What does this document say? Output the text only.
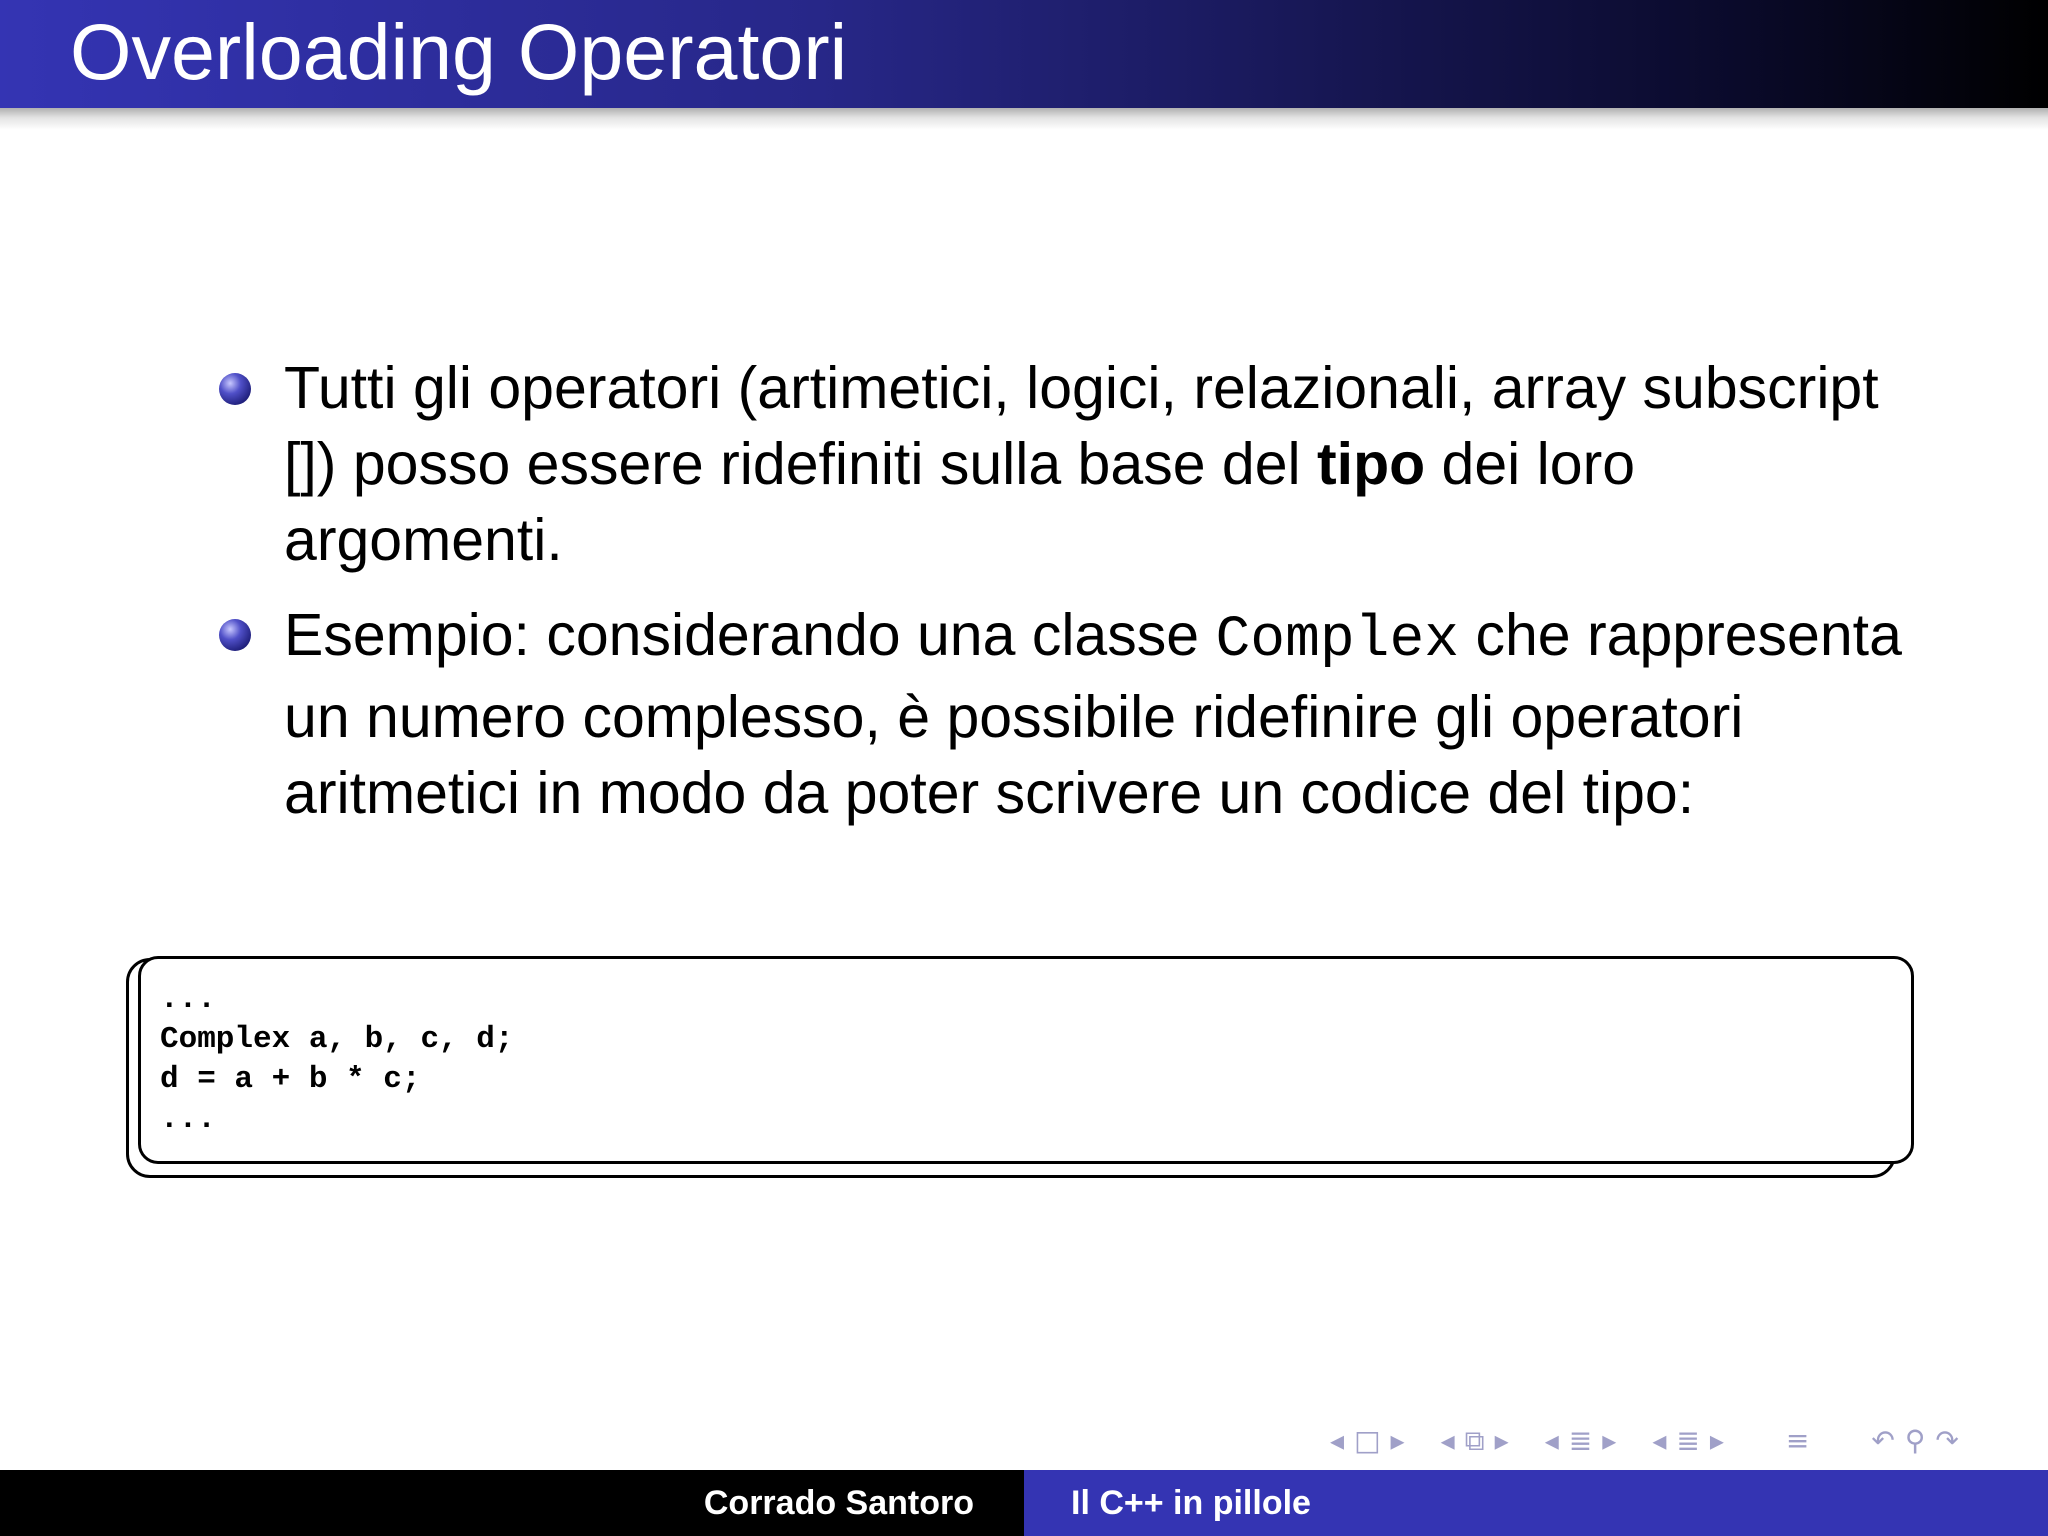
Overloading Operatori
Tutti gli operatori (artimetici, logici, relazionali, array subscript []) posso essere ridefiniti sulla base del tipo dei loro argomenti.
Esempio: considerando una classe Complex che rappresenta un numero complesso, è possibile ridefinire gli operatori aritmetici in modo da poter scrivere un codice del tipo:
...
Complex a, b, c, d;
d = a + b * c;
...
◂ □ ▸ ◂ ⧉ ▸ ◂ ≣ ▸ ◂ ≣ ▸ ≡ ↶ ⚲ ↷
Corrado Santoro	Il C++ in pillole
